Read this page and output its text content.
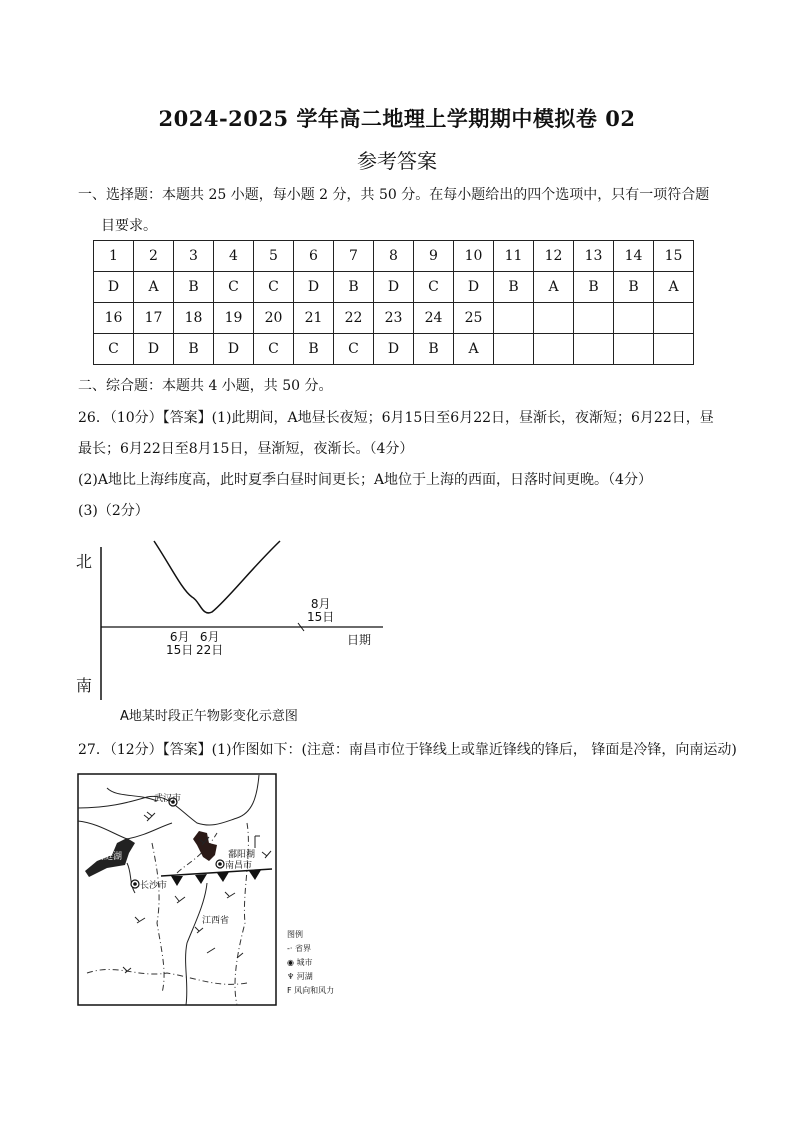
2024-2025 学年高二地理上学期期中模拟卷 02
参考答案
一、选择题：本题共 25 小题，每小题 2 分，共 50 分。在每小题给出的四个选项中，只有一项符合题
目要求。
1	2	3	4	5	6	7	8	9	10	11	12	13	14	15
D	A	B	C	C	D	B	D	C	D	B	A	B	B	A
16	17	18	19	20	21	22	23	24	25					
C	D	B	D	C	B	C	D	B	A					
二、综合题：本题共 4 小题，共 50 分。
26．（10分）【答案】(1)此期间，A地昼长夜短；6月15日至6月22日，昼渐长，夜渐短；6月22日，昼
最长；6月22日至8月15日，昼渐短，夜渐长。（4分）
(2)A地比上海纬度高，此时夏季白昼时间更长；A地位于上海的西面，日落时间更晚。（4分）
(3)（2分）
北
南
6月
15日
6月
22日
8月
15日
日期
A地某时段正午物影变化示意图
27．（12分）【答案】(1)作图如下：(注意：南昌市位于锋线上或靠近锋线的锋后， 锋面是冷锋，向南运动)
武汉市
南昌市
长沙市
洞庭湖	鄱阳湖
江西省
图例
-· 省界
◉ 城市
♆ 河湖
F 风向和风力
